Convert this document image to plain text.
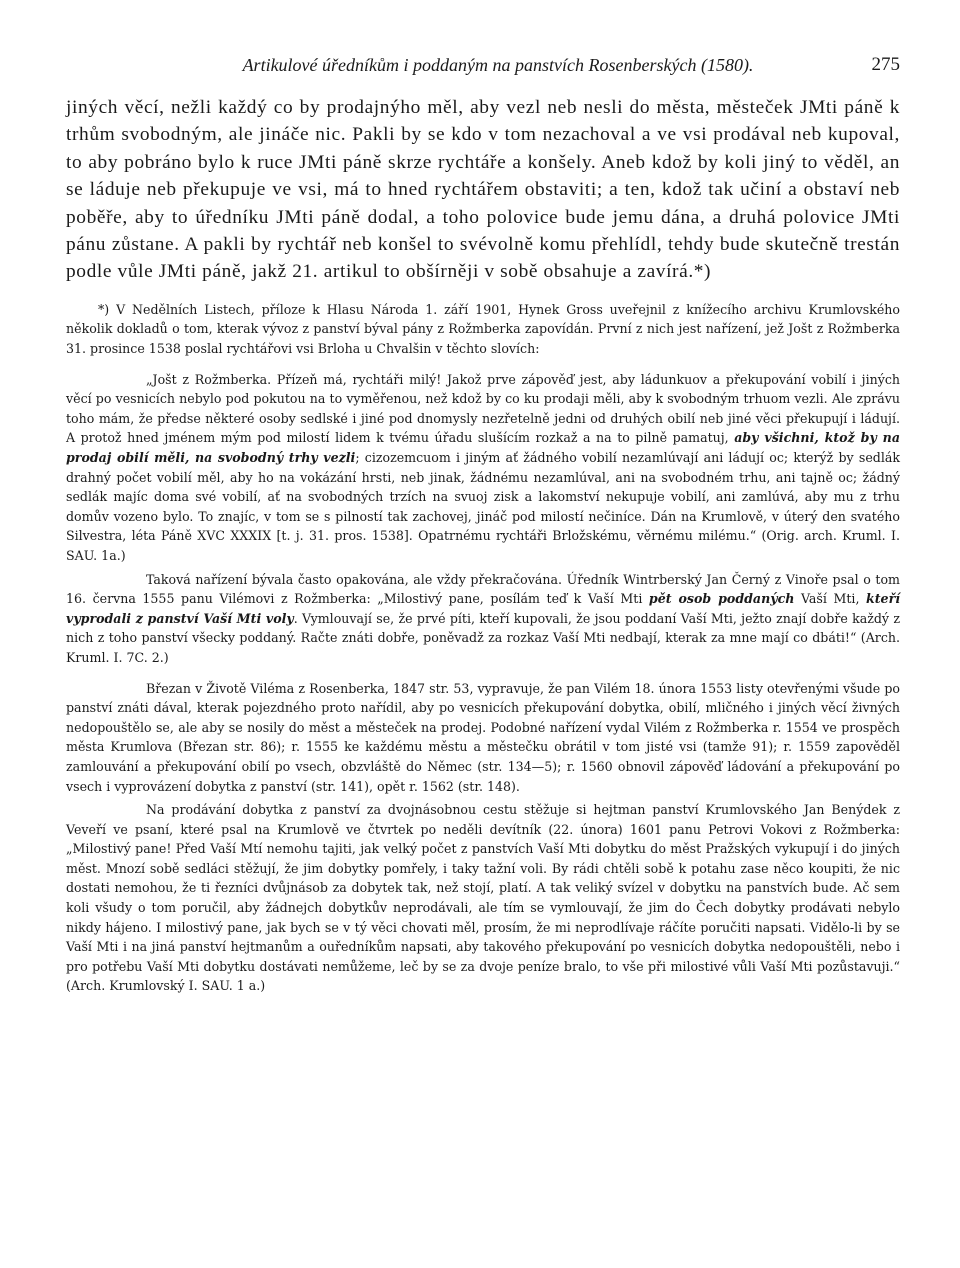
Artikulové úředníkům i poddaným na panstvích Rosenberských (1580).	275

jiných věcí, nežli každý co by prodajnýho měl, aby vezl neb nesli do města, městeček JMti páně k trhům svobodným, ale jináče nic. Pakli by se kdo v tom nezachoval a ve vsi prodával neb kupoval, to aby pobráno bylo k ruce JMti páně skrze rychtáře a konšely. Aneb kdož by koli jiný to věděl, an se láduje neb překupuje ve vsi, má to hned rychtářem obstaviti; a ten, kdož tak učiní a obstaví neb poběře, aby to úředníku JMti páně dodal, a toho polovice bude jemu dána, a druhá polovice JMti pánu zůstane. A pakli by rychtář neb konšel to svévolně komu přehlídl, tehdy bude skutečně trestán podle vůle JMti páně, jakž 21. artikul to obšírněji v sobě obsahuje a zavírá.*)

*) V Nedělních Listech, příloze k Hlasu Národa 1. září 1901, Hynek Gross uveřejnil z knížecího archivu Krumlovského několik dokladů o tom, kterak vývoz z panství býval pány z Rožmberka zapovídán. První z nich jest nařízení, jež Jošt z Rožmberka 31. prosince 1538 poslal rychtářovi vsi Brloha u Chvalšin v těchto slovích:

„Jošt z Rožmberka. Přízeň má, rychtáři milý! Jakož prve zápověď jest, aby ládunkuov a překupování vobilí i jiných věcí po vesnicích nebylo pod pokutou na to vyměřenou, než kdož by co ku prodaji měli, aby k svobodným trhuom vezli. Ale zprávu toho mám, že předse některé osoby sedlské i jiné pod dnomysly nezřetelně jedni od druhých obilí neb jiné věci překupují i ládují. A protož hned jménem mým pod milostí lidem k tvému úřadu slušícím rozkaž a na to pilně pamatuj, aby všichni, ktož by na prodaj obilí měli, na svobodný trhy vezli; cizozemcuom i jiným ať žádného vobilí nezamlúvají ani ládují oc; kterýž by sedlák drahný počet vobilí měl, aby ho na vokázání hrsti, neb jinak, žádnému nezamlúval, ani na svobodném trhu, ani tajně oc; žádný sedlák majíc doma své vobilí, ať na svobodných trzích na svuoj zisk a lakomství nekupuje vobilí, ani zamlúvá, aby mu z trhu domův vozeno bylo. To znajíc, v tom se s pilností tak zachovej, jináč pod milostí nečiníce. Dán na Krumlově, v úterý den svatého Silvestra, léta Páně XVC XXXIX [t. j. 31. pros. 1538]. Opatrnému rychtáři Brložskému, věrnému milému.“ (Orig. arch. Kruml. I. SAU. 1a.)

Taková nařízení bývala často opakována, ale vždy překračována. Úředník Wintrberský Jan Černý z Vinoře psal o tom 16. června 1555 panu Vilémovi z Rožmberka: „Milostivý pane, posílám teď k Vaší Mti pět osob poddaných Vaší Mti, kteří vyprodali z panství Vaší Mti voly. Vymlouvají se, že prvé píti, kteří kupovali, že jsou poddaní Vaší Mti, ježto znají dobře každý z nich z toho panství všecky poddaný. Račte znáti dobře, poněvadž za rozkaz Vaší Mti nedbají, kterak za mne mají co dbáti!“ (Arch. Kruml. I. 7C. 2.)

Březan v Životě Viléma z Rosenberka, 1847 str. 53, vypravuje, že pan Vilém 18. února 1553 listy otevřenými všude po panství znáti dával, kterak pojezdného proto nařídil, aby po vesnicích překupování dobytka, obilí, mličného i jiných věcí živných nedopouštělo se, ale aby se nosily do měst a městeček na prodej. Podobné nařízení vydal Vilém z Rožmberka r. 1554 ve prospěch města Krumlova (Březan str. 86); r. 1555 ke každému městu a městečku obrátil v tom jisté vsi (tamže 91); r. 1559 zapověděl zamlouvání a překupování obilí po vsech, obzvláště do Němec (str. 134—5); r. 1560 obnovil zápověď ládování a překupování po vsech i vyprovázení dobytka z panství (str. 141), opět r. 1562 (str. 148).

Na prodávání dobytka z panství za dvojnásobnou cestu stěžuje si hejtman panství Krumlovského Jan Benýdek z Veveří ve psaní, které psal na Krumlově ve čtvrtek po neděli devítník (22. února) 1601 panu Petrovi Vokovi z Rožmberka: „Milostivý pane! Před Vaší Mtí nemohu tajiti, jak velký počet z panstvích Vaší Mti dobytku do měst Pražských vykupují i do jiných měst. Mnozí sobě sedláci stěžují, že jim dobytky pomřely, i taky tažní voli. By rádi chtěli sobě k potahu zase něco koupiti, že nic dostati nemohou, že ti řezníci dvůjnásob za dobytek tak, než stojí, platí. A tak veliký svízel v dobytku na panstvích bude. Ač sem koli všudy o tom poručil, aby žádnejch dobytkův neprodávali, ale tím se vymlouvají, že jim do Čech dobytky prodávati nebylo nikdy hájeno. I milostivý pane, jak bych se v tý věci chovati měl, prosím, že mi neprodlívaje ráčíte poručiti napsati. Vidělo-li by se Vaší Mti i na jiná panství hejtmanům a ouředníkům napsati, aby takového překupování po vesnicích dobytka nedopouštěli, nebo i pro potřebu Vaší Mti dobytku dostávati nemůžeme, leč by se za dvoje peníze bralo, to vše při milostivé vůli Vaší Mti pozůstavuji.“ (Arch. Krumlovský I. SAU. 1 a.)
